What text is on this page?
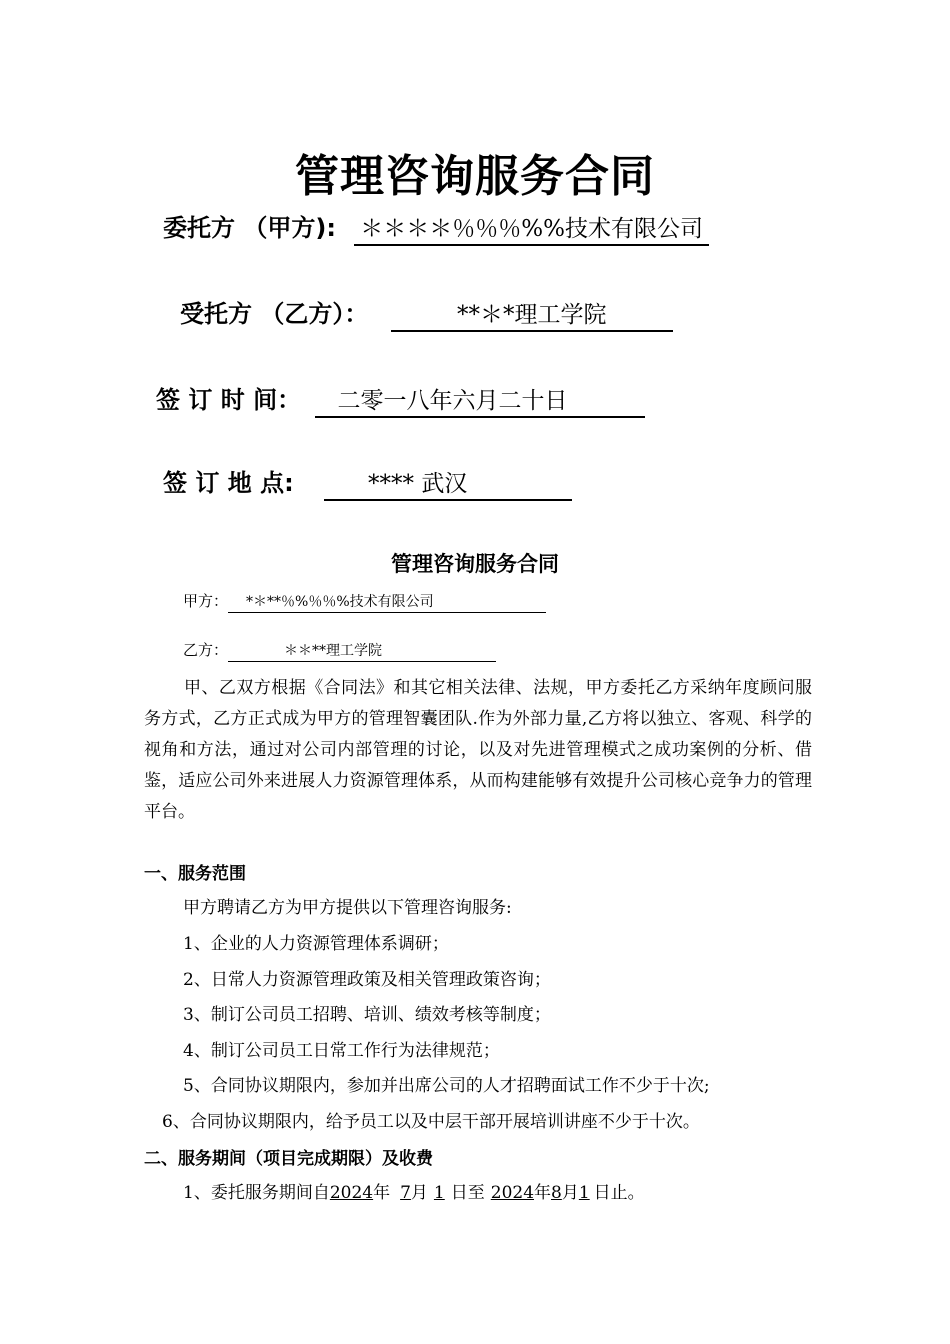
管理咨询服务合同
委托方 （甲方): ＊＊＊＊％％％%%技术有限公司
受托方 （乙方）：	**＊*理工学院
签 订 时 间： 二零一八年六月二十日
签 订 地 点:	**** 武汉
管理咨询服务合同
甲方： *＊**％%％％%技术有限公司
乙方：	＊＊**理工学院

甲、乙双方根据《合同法》和其它相关法律、法规，甲方委托乙方采纳年度顾问服务方式，乙方正式成为甲方的管理智囊团队.作为外部力量,乙方将以独立、客观、科学的视角和方法，通过对公司内部管理的讨论，以及对先进管理模式之成功案例的分析、借鉴，适应公司外来进展人力资源管理体系，从而构建能够有效提升公司核心竞争力的管理平台。

一、服务范围
甲方聘请乙方为甲方提供以下管理咨询服务:
1、企业的人力资源管理体系调研；
2、日常人力资源管理政策及相关管理政策咨询；
3、制订公司员工招聘、培训、绩效考核等制度；
4、制订公司员工日常工作行为法律规范；
5、合同协议期限内，参加并出席公司的人才招聘面试工作不少于十次;
6、合同协议期限内，给予员工以及中层干部开展培训讲座不少于十次。
二、服务期间（项目完成期限）及收费
1、委托服务期间自2024年 7月 1 日至 2024年8月1 日止。
